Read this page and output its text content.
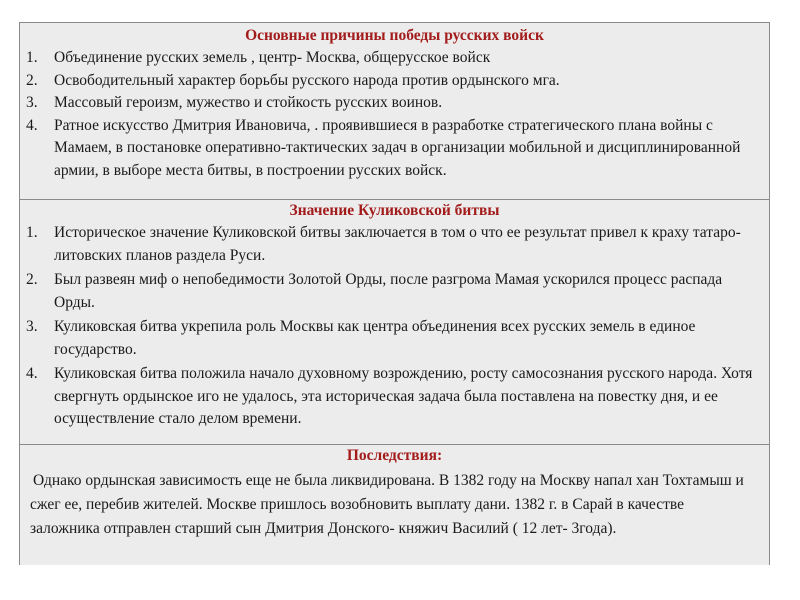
Основные причины победы русских войск
1. Объединение русских земель , центр- Москва, общерусское войск
2. Освободительный характер борьбы русского народа против ордынского мга.
3. Массовый героизм, мужество и стойкость русских воинов.
4. Ратное искусство Дмитрия Ивановича, . проявившиеся в разработке стратегического плана войны с Мамаем, в постановке оперативно-тактических задач в организации мобильной и дисциплинированной армии, в выборе места битвы, в построении русских войск.
Значение Куликовской битвы
1. Историческое значение Куликовской битвы заключается в том о что ее результат привел к краху татаро-литовских планов раздела Руси.
2. Был развеян миф о непобедимости Золотой Орды, после разгрома Мамая ускорился процесс распада Орды.
3. Куликовская битва укрепила роль Москвы как центра объединения всех русских земель в единое государство.
4. Куликовская битва положила начало духовному возрождению, росту самосознания русского народа. Хотя свергнуть ордынское иго не удалось, эта историческая задача была поставлена на повестку дня, и ее осуществление стало делом времени.
Последствия:

Однако ордынская зависимость еще не была ликвидирована. В 1382 году на Москву напал хан Тохтамыш и сжег ее, перебив жителей. Москве пришлось возобновить выплату дани. 1382 г. в Сарай в качестве заложника отправлен старший сын Дмитрия Донского- княжич Василий ( 12 лет- 3года).
